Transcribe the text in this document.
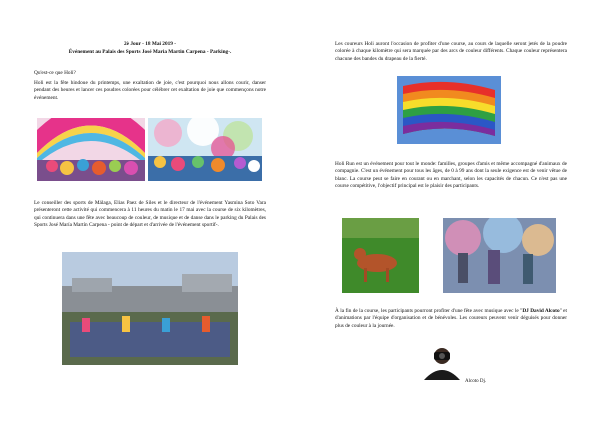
2è Jour - 18 Mai 2019 -
Événement au Palais des Sports José Maria Martin Carpena - Parking-.
Qu'est-ce que Holi?
Holi est la fête hindoue du printemps, une exaltation de joie, c'est pourquoi nous allons courir, danser pendant des heures et lancer ces poudres colorées pour célébrer cet exaltation de joie que commençons notre événement.
Le conseiller des sports de Málaga, Elias Paez de Siles et le directeur de l'événement Yasmina Soto Vara présenteront cette activité qui commencera à 11 heures du matin le 17 mai avec la course de six kilomètres, qui continuera dans une fête avec beaucoup de couleur, de musique et de danse dans le parking du Palais des Sports José María Martín Carpena - point de départ et d'arrivée de l'événement sportif-.
Les coureurs Holi auront l'occasion de profiter d'une course, au cours de laquelle seront jetés de la poudre colorée à chaque kilomètre qui sera marquée par des arcs de couleur différents. Chaque couleur représentera chacune des bandes du drapeau de la fierté.
Holi Run est un événement pour tout le monde: familles, groupes d'amis et même accompagné d'animaux de compagnie. C'est un événement pour tous les âges, de 0 à 99 ans dont la seule exigence est de venir vêtue de blanc. La course peut se faire en courant ou en marchant, selon les capacités de chacun. Ce n'est pas une course compétitive, l'objectif principal est le plaisir des participants.
À la fin de la course, les participants pourront profiter d'une fête avec musique avec le "DJ David Alcoto" et d'animations par l'équipe d'organisation et de bénévoles. Les coureurs peuvent venir déguisés pour donner plus de couleur à la journée.
Alcoto Dj.
